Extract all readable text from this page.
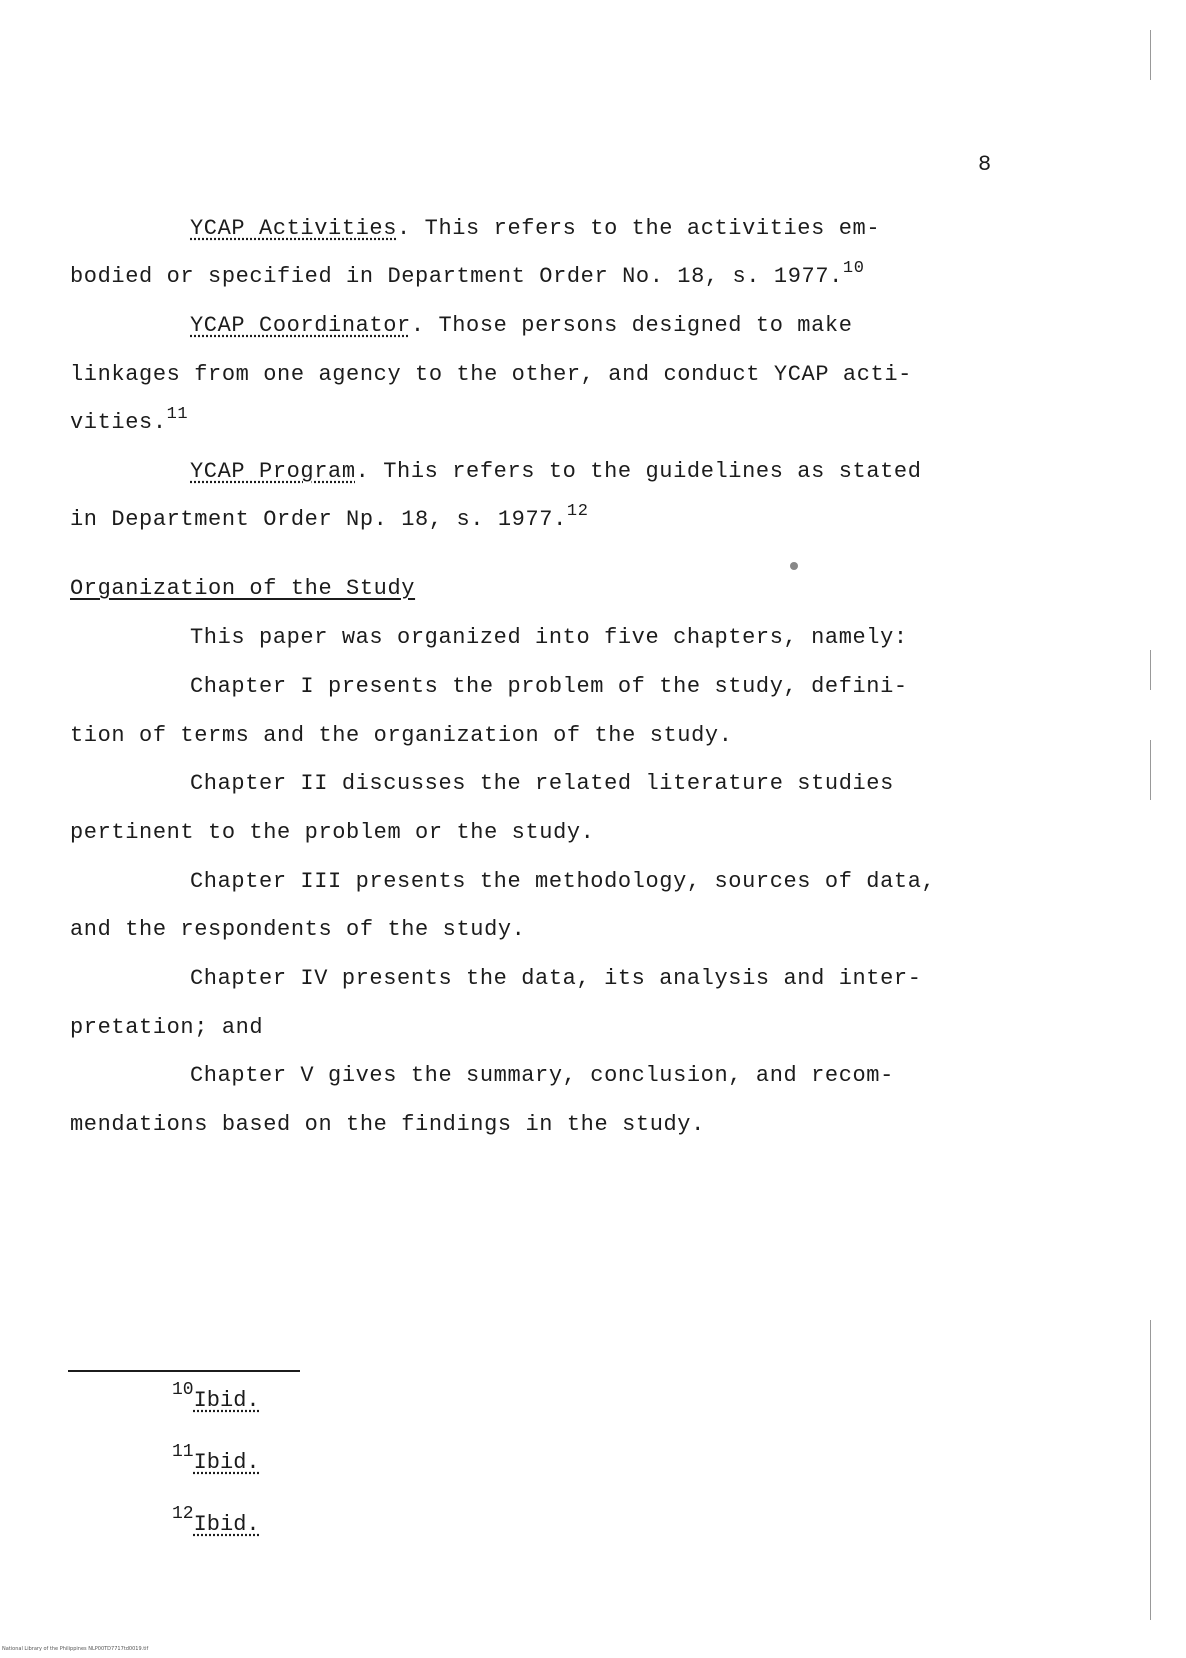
8
YCAP Activities. This refers to the activities em-
bodied or specified in Department Order No. 18, s. 1977.10
YCAP Coordinator. Those persons designed to make
linkages from one agency to the other, and conduct YCAP acti-
vities.$^{11}$
YCAP Program. This refers to the guidelines as stated
in Department Order Np. 18, s. 1977.12
Organization of the Study
This paper was organized into five chapters, namely:
Chapter I presents the problem of the study, defini-
tion of terms and the organization of the study.
Chapter II discusses the related literature studies
pertinent to the problem or the study.
Chapter III presents the methodology, sources of data,
and the respondents of the study.
Chapter IV presents the data, its analysis and inter-
pretation; and
Chapter V gives the summary, conclusion, and recom-
mendations based on the findings in the study.
$^{10}$Ibid.
$^{11}$Ibid.
$^{12}$Ibid.
National Library of the Philippines NLP00TD7717td0019.tif
